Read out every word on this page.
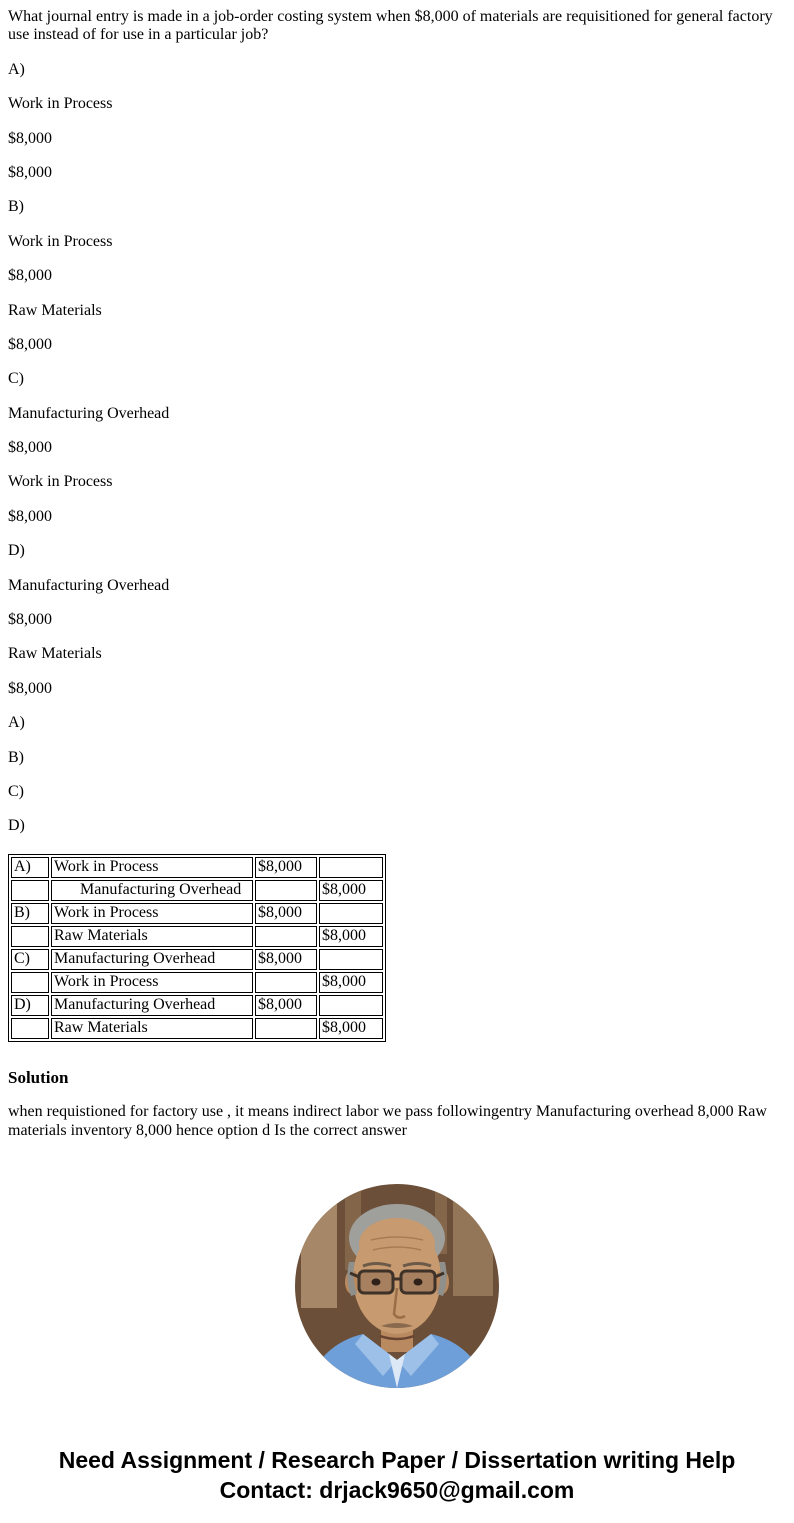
What journal entry is made in a job-order costing system when $8,000 of materials are requisitioned for general factory use instead of for use in a particular job?

A)

Work in Process

$8,000

$8,000

B)

Work in Process

$8,000

Raw Materials

$8,000

C)

Manufacturing Overhead

$8,000

Work in Process

$8,000

D)

Manufacturing Overhead

$8,000

Raw Materials

$8,000

A)

B)

C)

D)

A)	Work in Process	$8,000	
	Manufacturing Overhead		$8,000
B)	Work in Process	$8,000	
	Raw Materials		$8,000
C)	Manufacturing Overhead	$8,000	
	Work in Process		$8,000
D)	Manufacturing Overhead	$8,000	
	Raw Materials		$8,000
Solution

when requistioned for factory use , it means indirect labor we pass followingentry Manufacturing overhead 8,000 Raw materials inventory 8,000 hence option d Is the correct answer

Need Assignment / Research Paper / Dissertation writing Help
Contact: drjack9650@gmail.com
